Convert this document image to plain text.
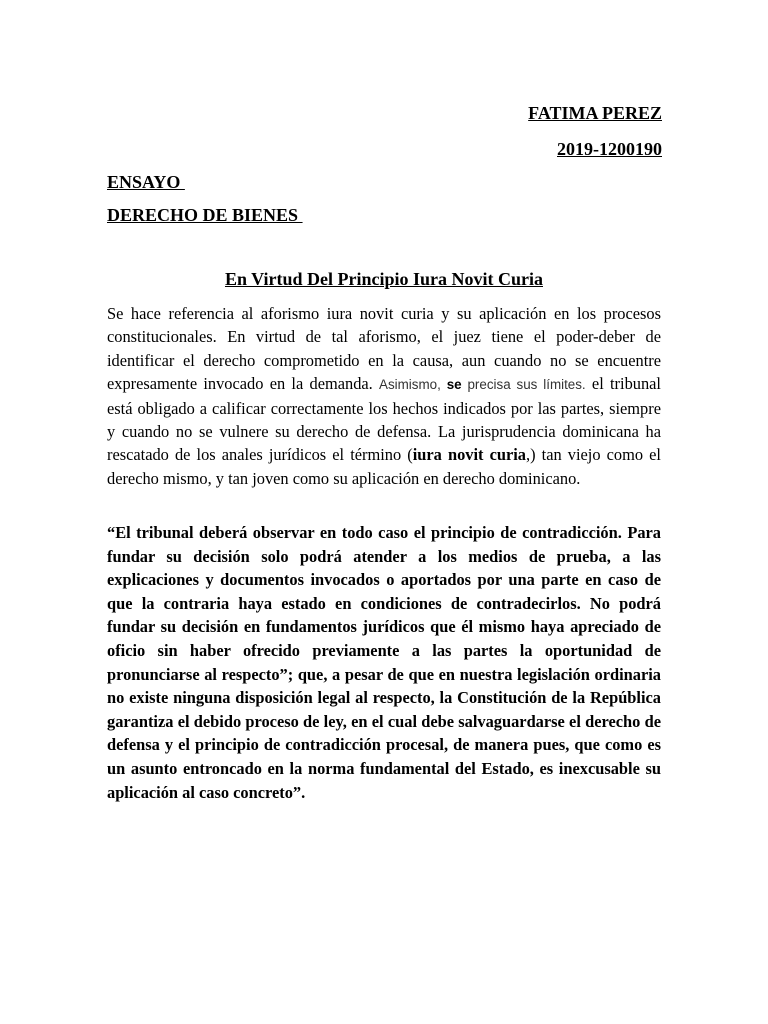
FATIMA PEREZ
2019-1200190
ENSAYO
DERECHO DE BIENES
En Virtud Del Principio Iura Novit Curia

Se hace referencia al aforismo iura novit curia y su aplicación en los procesos constitucionales. En virtud de tal aforismo, el juez tiene el poder-deber de identificar el derecho comprometido en la causa, aun cuando no se encuentre expresamente invocado en la demanda. Asimismo, se precisa sus límites. el tribunal está obligado a calificar correctamente los hechos indicados por las partes, siempre y cuando no se vulnere su derecho de defensa. La jurisprudencia dominicana ha rescatado de los anales jurídicos el término (iura novit curia,) tan viejo como el derecho mismo, y tan joven como su aplicación en derecho dominicano.

“El tribunal deberá observar en todo caso el principio de contradicción. Para fundar su decisión solo podrá atender a los medios de prueba, a las explicaciones y documentos invocados o aportados por una parte en caso de que la contraria haya estado en condiciones de contradecirlos. No podrá fundar su decisión en fundamentos jurídicos que él mismo haya apreciado de oficio sin haber ofrecido previamente a las partes la oportunidad de pronunciarse al respecto”; que, a pesar de que en nuestra legislación ordinaria no existe ninguna disposición legal al respecto, la Constitución de la República garantiza el debido proceso de ley, en el cual debe salvaguardarse el derecho de defensa y el principio de contradicción procesal, de manera pues, que como es un asunto entroncado en la norma fundamental del Estado, es inexcusable su aplicación al caso concreto”.
